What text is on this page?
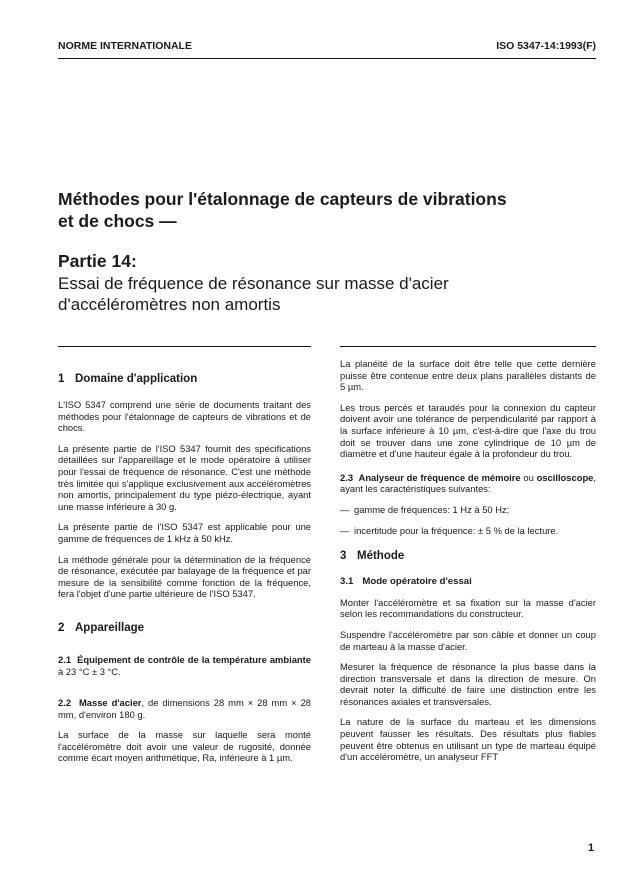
NORME INTERNATIONALE	ISO 5347-14:1993(F)
Méthodes pour l'étalonnage de capteurs de vibrations
et de chocs —
Partie 14:
Essai de fréquence de résonance sur masse d'acier
d'accéléromètres non amortis
1 Domaine d'application

L'ISO 5347 comprend une série de documents traitant des méthodes pour l'étalonnage de capteurs de vibrations et de chocs.

La présente partie de l'ISO 5347 fournit des spécifications détaillées sur l'appareillage et le mode opératoire à utiliser pour l'essai de fréquence de résonance. C'est une méthode très limitée qui s'applique exclusivement aux accéléromètres non amortis, principalement du type piézo-électrique, ayant une masse inférieure à 30 g.

La présente partie de l'ISO 5347 est applicable pour une gamme de fréquences de 1 kHz à 50 kHz.

La méthode générale pour la détermination de la fréquence de résonance, exécutée par balayage de la fréquence et par mesure de la sensibilité comme fonction de la fréquence, fera l'objet d'une partie ultérieure de l'ISO 5347.

2 Appareillage
2.1 Équipement de contrôle de la température ambiante à 23 °C ± 3 °C.
2.2 Masse d'acier, de dimensions 28 mm × 28 mm × 28 mm, d'environ 180 g.

La surface de la masse sur laquelle sera monté l'accéléromètre doit avoir une valeur de rugosité, donnée comme écart moyen arithmétique, Ra, inférieure à 1 µm.

La planéité de la surface doit être telle que cette dernière puisse être contenue entre deux plans parallèles distants de 5 µm.

Les trous percés et taraudés pour la connexion du capteur doivent avoir une tolérance de perpendicularité par rapport à la surface inférieure à 10 µm, c'est-à-dire que l'axe du trou doit se trouver dans une zone cylindrique de 10 µm de diamètre et d'une hauteur égale à la profondeur du trou.

2.3 Analyseur de fréquence de mémoire ou oscilloscope, ayant les caractéristiques suivantes:
— gamme de fréquences: 1 Hz à 50 Hz;
— incertitude pour la fréquence: ± 5 % de la lecture.
3 Méthode
3.1 Mode opératoire d'essai

Monter l'accéléromètre et sa fixation sur la masse d'acier selon les recommandations du constructeur.

Suspendre l'accéléromètre par son câble et donner un coup de marteau à la masse d'acier.

Mesurer la fréquence de résonance la plus basse dans la direction transversale et dans la direction de mesure. On devrait noter la difficulté de faire une distinction entre les résonances axiales et transversales.

La nature de la surface du marteau et les dimensions peuvent fausser les résultats. Des résultats plus fiables peuvent être obtenus en utilisant un type de marteau équipé d'un accéléromètre, un analyseur FFT

1
